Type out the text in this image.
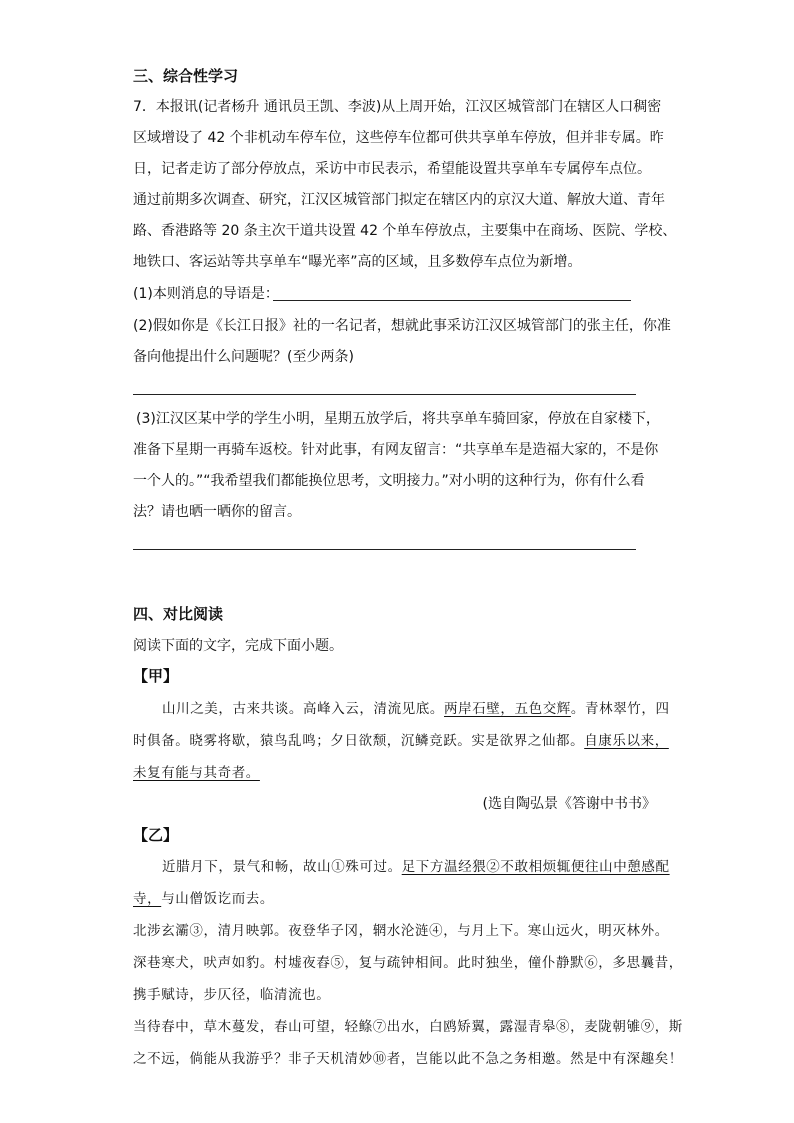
三、综合性学习
7．本报讯(记者杨升 通讯员王凯、李波)从上周开始，江汉区城管部门在辖区人口稠密
区域增设了 42 个非机动车停车位，这些停车位都可供共享单车停放，但并非专属。昨
日，记者走访了部分停放点，采访中市民表示，希望能设置共享单车专属停车点位。
通过前期多次调查、研究，江汉区城管部门拟定在辖区内的京汉大道、解放大道、青年
路、香港路等 20 条主次干道共设置 42 个单车停放点，主要集中在商场、医院、学校、
地铁口、客运站等共享单车“曝光率”高的区域，且多数停车点位为新增。
(1)本则消息的导语是：
(2)假如你是《长江日报》社的一名记者，想就此事采访江汉区城管部门的张主任，你准
备向他提出什么问题呢？(至少两条)
(3)江汉区某中学的学生小明，星期五放学后，将共享单车骑回家，停放在自家楼下，
准备下星期一再骑车返校。针对此事，有网友留言：“共享单车是造福大家的，不是你
一个人的。”“我希望我们都能换位思考，文明接力。”对小明的这种行为，你有什么看
法？请也晒一晒你的留言。
四、对比阅读
阅读下面的文字，完成下面小题。
【甲】
山川之美，古来共谈。高峰入云，清流见底。两岸石壁，五色交辉。青林翠竹，四
时俱备。晓雾将歇，猿鸟乱鸣；夕日欲颓，沉鳞竞跃。实是欲界之仙都。自康乐以来，
未复有能与其奇者。
(选自陶弘景《答谢中书书》
【乙】
近腊月下，景气和畅，故山①殊可过。足下方温经猥②不敢相烦辄便往山中憩感配
寺，与山僧饭讫而去。
北涉玄灞③，清月映郭。夜登华子冈，辋水沦涟④，与月上下。寒山远火，明灭林外。
深巷寒犬，吠声如豹。村墟夜舂⑤，复与疏钟相间。此时独坐，僮仆静默⑥，多思曩昔，
携手赋诗，步仄径，临清流也。
当待春中，草木蔓发，春山可望，轻鲦⑦出水，白鸥矫翼，露湿青皋⑧，麦陇朝雊⑨，斯
之不远，倘能从我游乎？非子天机清妙⑩者，岂能以此不急之务相邀。然是中有深趣矣！
